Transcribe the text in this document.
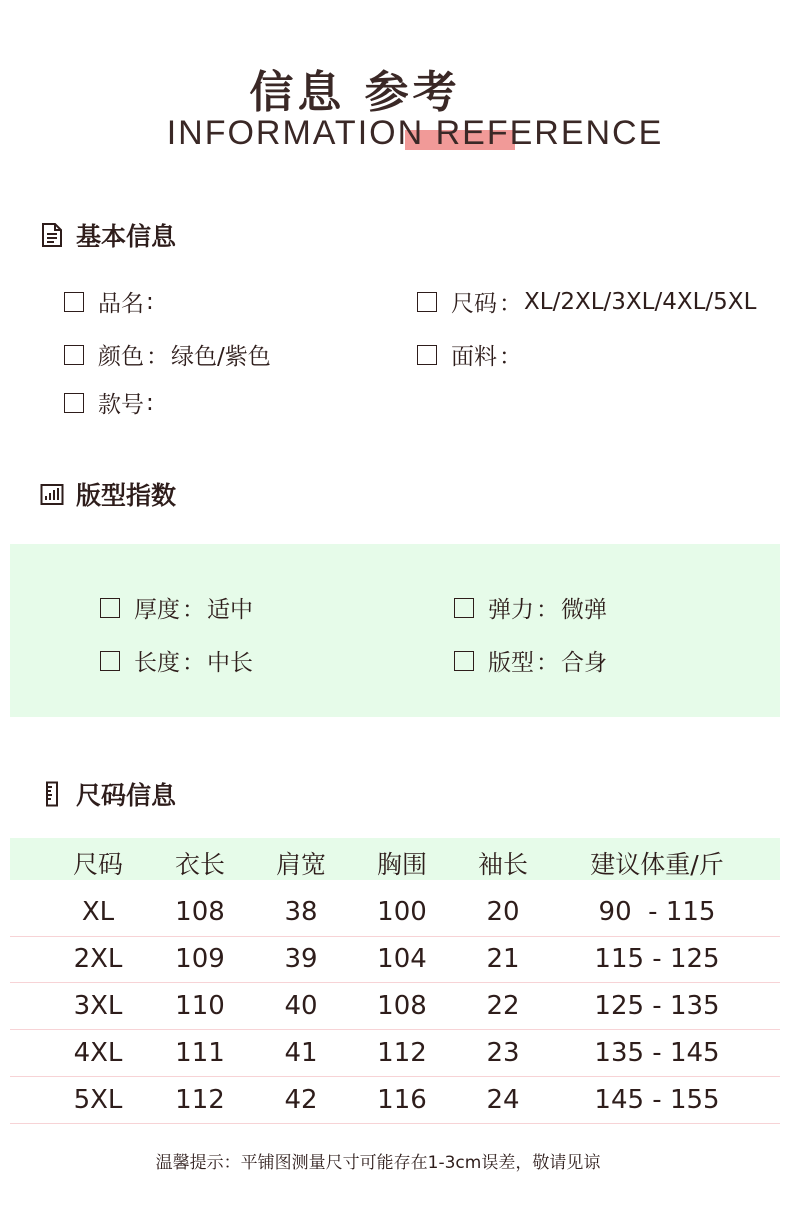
信息 参考
INFORMATION REFERENCE
基本信息
品名 :	尺码 ： XL/2XL/3XL/4XL/5XL
颜色 ： 绿色/紫色	面料 ：
款号 :
版型指数
厚度 ： 适中	弹力 ： 微弹
长度 ： 中长	版型 ： 合身
尺码信息
尺码 衣长 肩宽 胸围 袖长 建议体重/斤
XL 108 38 100 20	90  - 115
2XL 109 39 104 21	115 - 125
3XL 110 40 108 22	125 - 135
4XL 111 41 112 23	135 - 145
5XL 112 42 116 24	145 - 155
温馨提示：平铺图测量尺寸可能存在1-3cm误差，敬请见谅
